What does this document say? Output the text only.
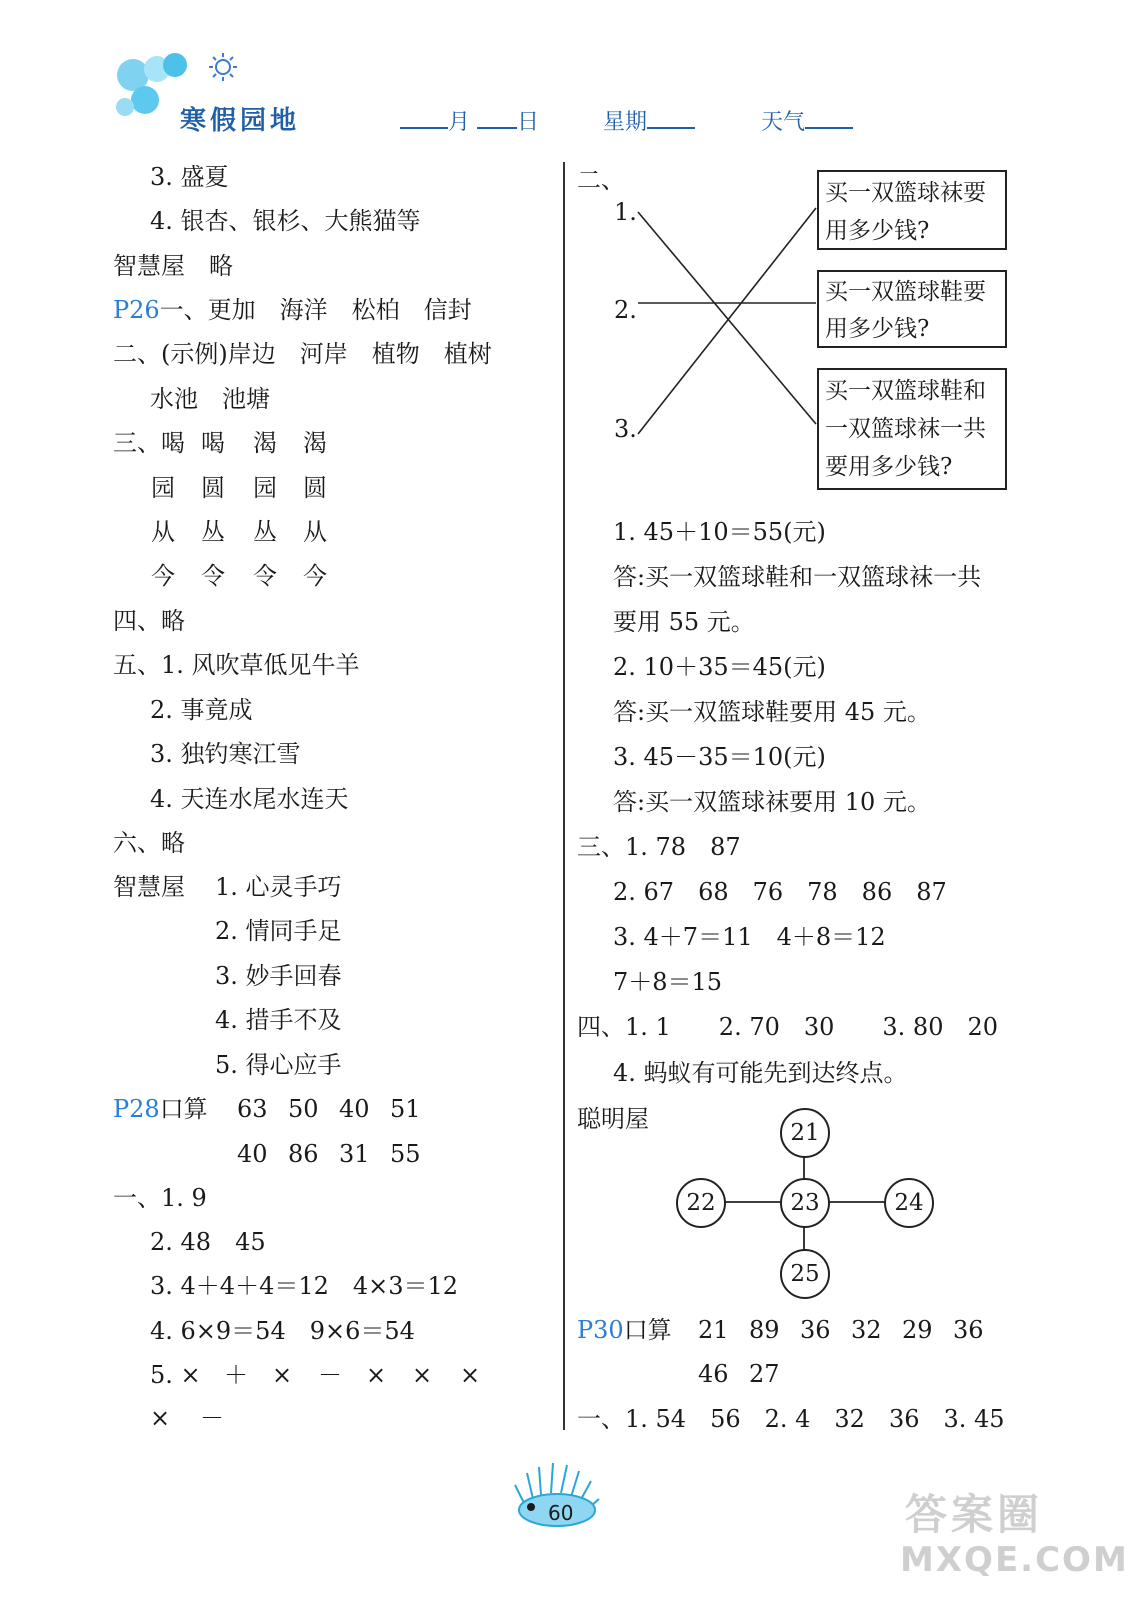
寒假园地	月 日	星期	天气
3. 盛夏
4. 银杏、银杉、大熊猫等
智慧屋　略
P26一、更加　海洋　松柏　信封
二、(示例)岸边　河岸　植物　植树
水池　池塘
三、喝 喝 渴 渴
园 圆 园 圆
从 丛 丛 从
今 令 令 今
四、略
五、1. 风吹草低见牛羊
2. 事竟成
3. 独钓寒江雪
4. 天连水尾水连天
六、略
智慧屋 1. 心灵手巧
2. 情同手足
3. 妙手回春
4. 措手不及
5. 得心应手
P28口算 63 50 40 51
40 86 31 55
一、1. 9
2. 48　45
3. 4＋4＋4＝12　4×3＝12
4. 6×9＝54　9×6＝54
5. × ＋ × － × × ×
× －
二、
1.
2.
3.
买一双篮球袜要
用多少钱?
买一双篮球鞋要
用多少钱?
买一双篮球鞋和
一双篮球袜一共
要用多少钱?
1. 45＋10＝55(元)
答:买一双篮球鞋和一双篮球袜一共
要用 55 元。
2. 10＋35＝45(元)
答:买一双篮球鞋要用 45 元。
3. 45－35＝10(元)
答:买一双篮球袜要用 10 元。
三、1. 78　87
2. 67　68　76　78　86　87
3. 4＋7＝11　4＋8＝12
7＋8＝15
四、1. 1　　2. 70　30　　3. 80　20
4. 蚂蚁有可能先到达终点。
聪明屋	21
22	23	24
25
P30口算 21 89 36 32 29 36
46 27
一、1. 54　56　2. 4　32　36　3. 45
60	答案圈
MXQE.COM
